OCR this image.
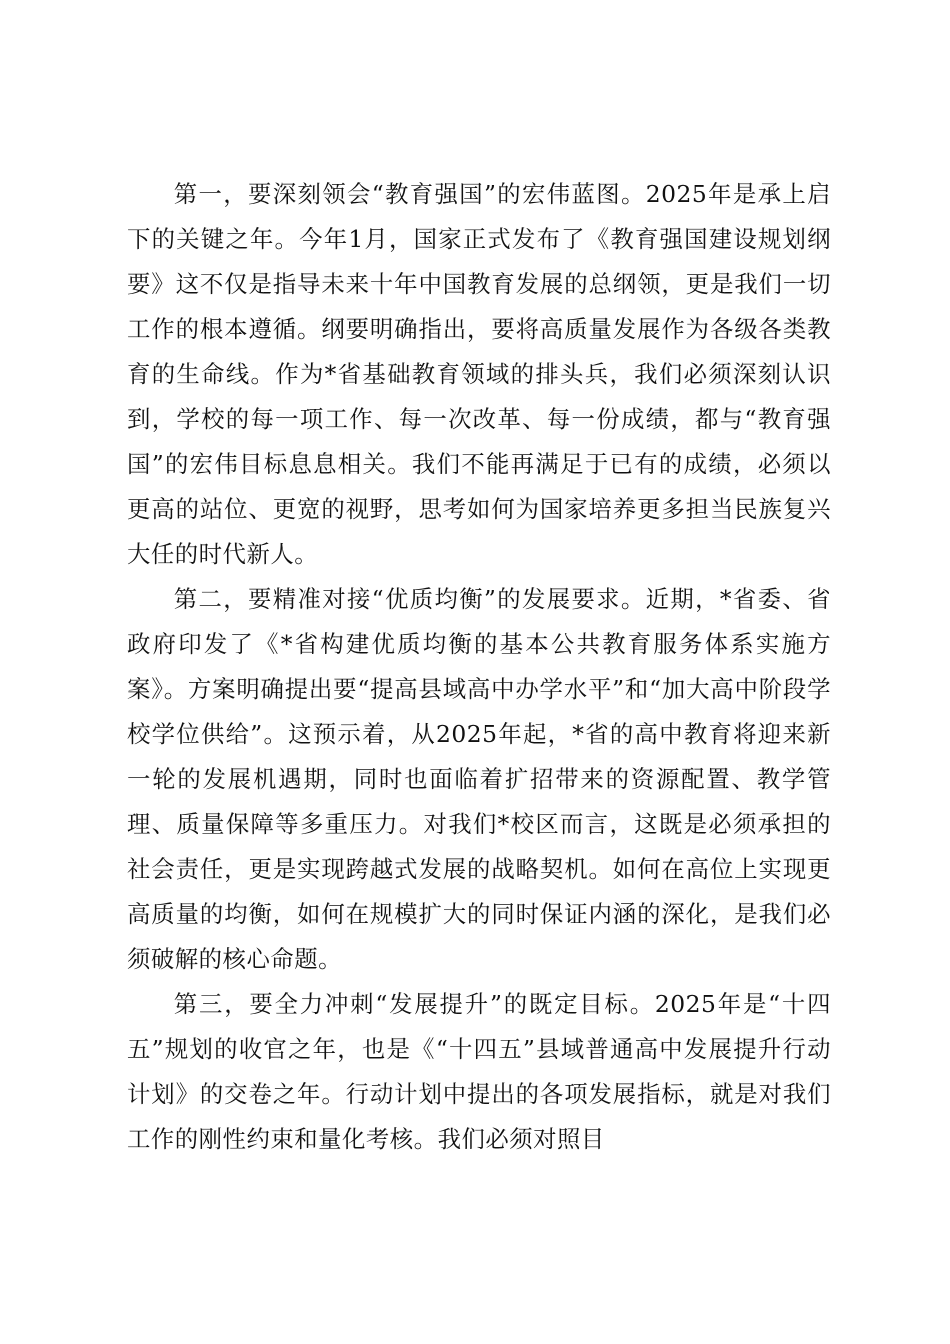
第一，要深刻领会“教育强国”的宏伟蓝图。2025年是承上启下的关键之年。今年1月，国家正式发布了《教育强国建设规划纲要》这不仅是指导未来十年中国教育发展的总纲领，更是我们一切工作的根本遵循。纲要明确指出，要将高质量发展作为各级各类教育的生命线。作为*省基础教育领域的排头兵，我们必须深刻认识到，学校的每一项工作、每一次改革、每一份成绩，都与“教育强国”的宏伟目标息息相关。我们不能再满足于已有的成绩，必须以更高的站位、更宽的视野，思考如何为国家培养更多担当民族复兴大任的时代新人。

第二，要精准对接“优质均衡”的发展要求。近期，*省委、省政府印发了《*省构建优质均衡的基本公共教育服务体系实施方案》。方案明确提出要“提高县域高中办学水平”和“加大高中阶段学校学位供给”。这预示着，从2025年起，*省的高中教育将迎来新一轮的发展机遇期，同时也面临着扩招带来的资源配置、教学管理、质量保障等多重压力。对我们*校区而言，这既是必须承担的社会责任，更是实现跨越式发展的战略契机。如何在高位上实现更高质量的均衡，如何在规模扩大的同时保证内涵的深化，是我们必须破解的核心命题。

第三，要全力冲刺“发展提升”的既定目标。2025年是“十四五”规划的收官之年，也是《“十四五”县域普通高中发展提升行动计划》的交卷之年。行动计划中提出的各项发展指标，就是对我们工作的刚性约束和量化考核。我们必须对照目
